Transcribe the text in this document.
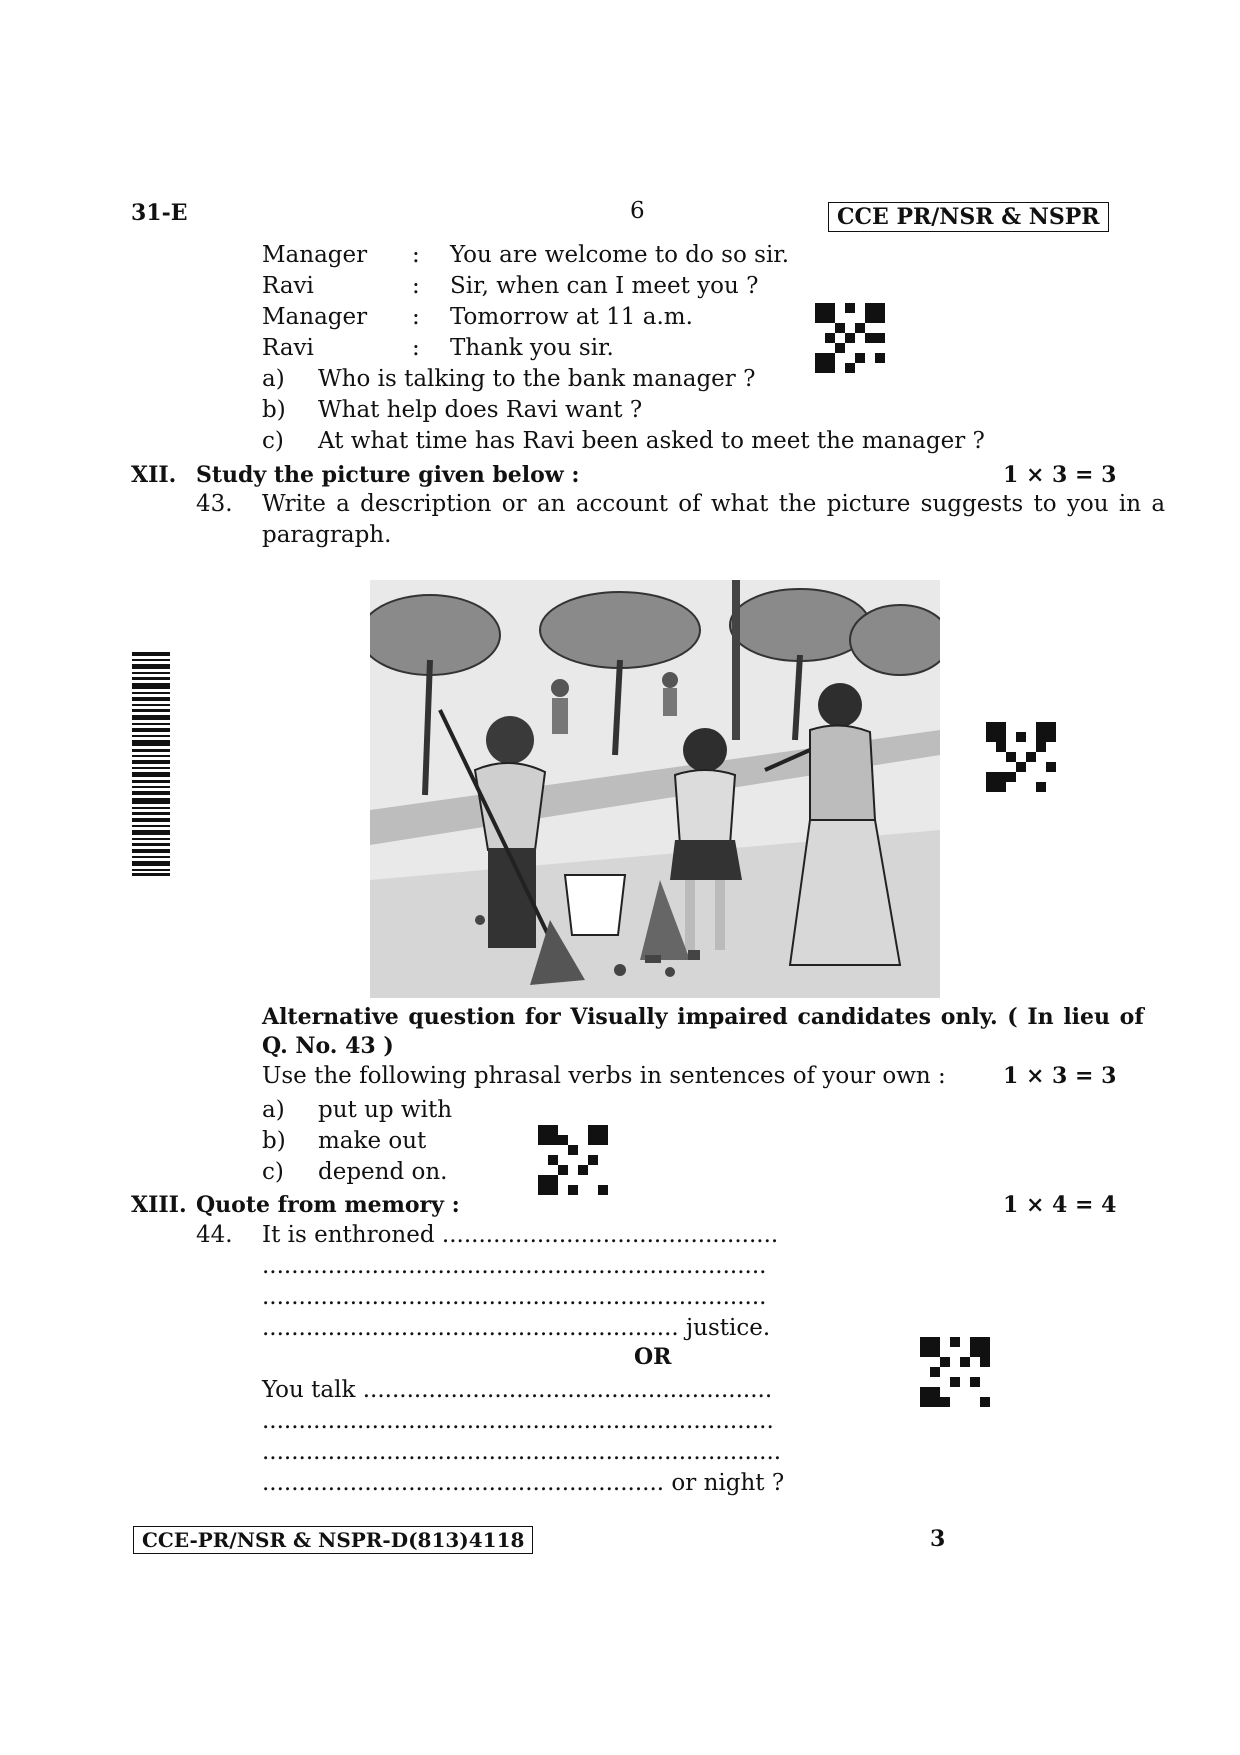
31-E	6	CCE PR/NSR & NSPR
Manager : You are welcome to do so sir.
Ravi	: Sir, when can I meet you ?
Manager : Tomorrow at 11 a.m.
Ravi	: Thank you sir.
a) Who is talking to the bank manager ?
b) What help does Ravi want ?
c) At what time has Ravi been asked to meet the manager ?
XII. Study the picture given below :	1 × 3 = 3
43. Write a description or an account of what the picture suggests to you in a
paragraph.
Alternative question for Visually impaired candidates only. ( In lieu of
Q. No. 43 )
Use the following phrasal verbs in sentences of your own :	1 × 3 = 3
a) put up with
b) make out
c) depend on.
XIII. Quote from memory :	1 × 4 = 4
44. It is enthroned ..............................................
.....................................................................
.....................................................................
......................................................... justice.
OR
You talk ........................................................
......................................................................
.......................................................................
....................................................... or night ?
CCE-PR/NSR & NSPR-D(813)4118	3
